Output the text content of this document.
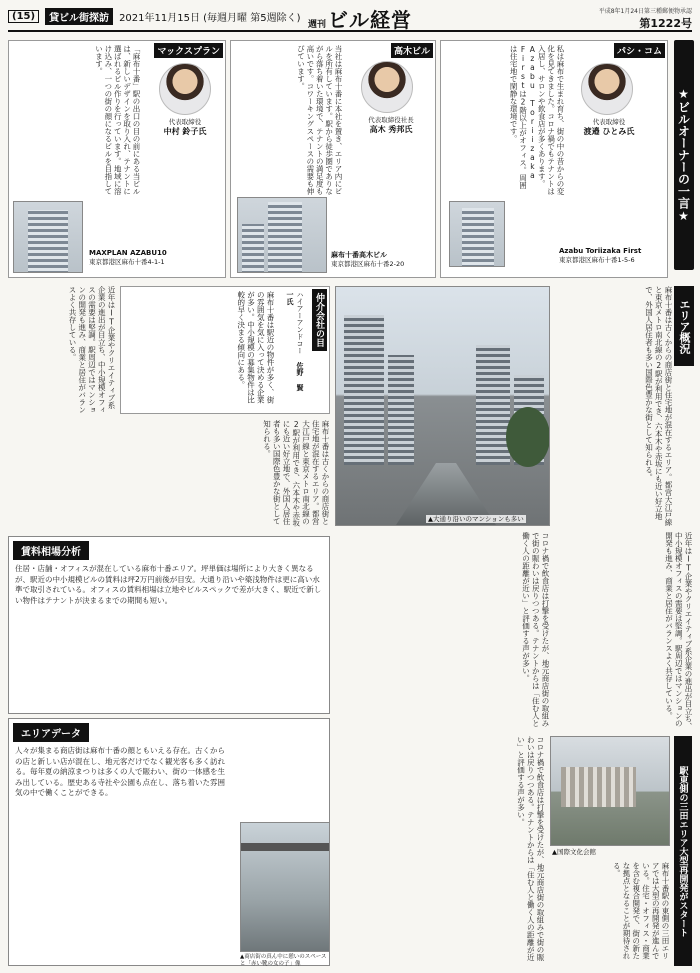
(15)	貸ビル街探訪	2021年11月15日 (毎週月曜 第5週除く)
週刊 ビル経営	平成8年1月24日第三種郵便物承認
第1222号
★ビルオーナーの一言★
パシ・コム
代表取締役
渡邉 ひとみ氏
私は麻布で生まれ育ち、街の中の昔からの変化を見てきました。コロナ禍でもテナントは入居し、サロンや飲食店が多くあります。Azabu Toriizaka Firstは2階以上がオフィス。周囲は住宅地で閑静な環境です。
Azabu Toriizaka First
東京都港区麻布十番1-5-6
高木ビル
代表取締役社長
高木 秀邦氏
当社は麻布十番に本社を置き、エリア内にビルを所有しています。駅から徒歩圏でありながら落ち着いた環境で、テナントの満足度も高いです。コワーキングスペースの需要も伸びています。
麻布十番高木ビル
東京都港区麻布十番2-20
マックスプラン
代表取締役
中村 鈴子氏
「麻布十番」駅の出口の目の前にある当ビルは、新しいデザインを取り入れ、テナントに選ばれるビル作りを行っています。地域に溶け込み、一つの街の顔になるビルを目指しています。
MAXPLAN AZABU10
東京都港区麻布十番4-1-1
エリア概況
麻布十番は古くからの商店街と住宅地が混在するエリア。都営大江戸線と東京メトロ南北線の2駅が利用でき、六本木や赤坂にも近い好立地で、外国人居住者も多い国際色豊かな街として知られる。
近年はIT企業やクリエイティブ系企業の進出が目立ち、中小規模オフィスの需要は堅調。駅周辺ではマンションの開発も進み、商業と居住がバランスよく共存している。
コロナ禍で飲食店は打撃を受けたが、地元商店街の取組みで街の賑わいは戻りつつある。テナントからは「住む人と働く人の距離が近い」と評価する声が多い。
▲大通り沿いのマンションも多い
仲介会社の目
ハイアーアンドコー 佐野 賢一氏
麻布十番は駅近の物件が多く、街の雰囲気を気に入って決める企業が多い。中小規模の募集物件は比較的早く決まる傾向にある。
近年はIT企業やクリエイティブ系企業の進出が目立ち、中小規模オフィスの需要は堅調。駅周辺ではマンションの開発も進み、商業と居住がバランスよく共存している。
麻布十番は古くからの商店街と住宅地が混在するエリア。都営大江戸線と東京メトロ南北線の2駅が利用でき、六本木や赤坂にも近い好立地で、外国人居住者も多い国際色豊かな街として知られる。
賃料相場分析
住居・店舗・オフィスが混在している麻布十番エリア。坪単価は場所により大きく異なるが、駅近の中小規模ビルの賃料は坪2万円前後が目安。大通り沿いや築浅物件は更に高い水準で取引されている。オフィスの賃料相場は立地やビルスペックで差が大きく、駅近で新しい物件はテナントが決まるまでの期間も短い。
エリアデータ
人々が集まる商店街は麻布十番の顔ともいえる存在。古くからの店と新しい店が混在し、地元客だけでなく観光客も多く訪れる。毎年夏の納涼まつりは多くの人で賑わい、街の一体感を生み出している。歴史ある寺社や公園も点在し、落ち着いた雰囲気の中で働くことができる。
▲商店街の真ん中に憩いのスペースと「赤い靴の女の子」像
コロナ禍で飲食店は打撃を受けたが、地元商店街の取組みで街の賑わいは戻りつつある。テナントからは「住む人と働く人の距離が近い」と評価する声が多い。
▲国際文化会館	駅東側の三田エリア大型再開発がスタート
麻布十番駅の東側の三田エリアでは大型の再開発が進んでいる。住宅・オフィス・商業を含む複合開発で、街の新たな拠点となることが期待される。
